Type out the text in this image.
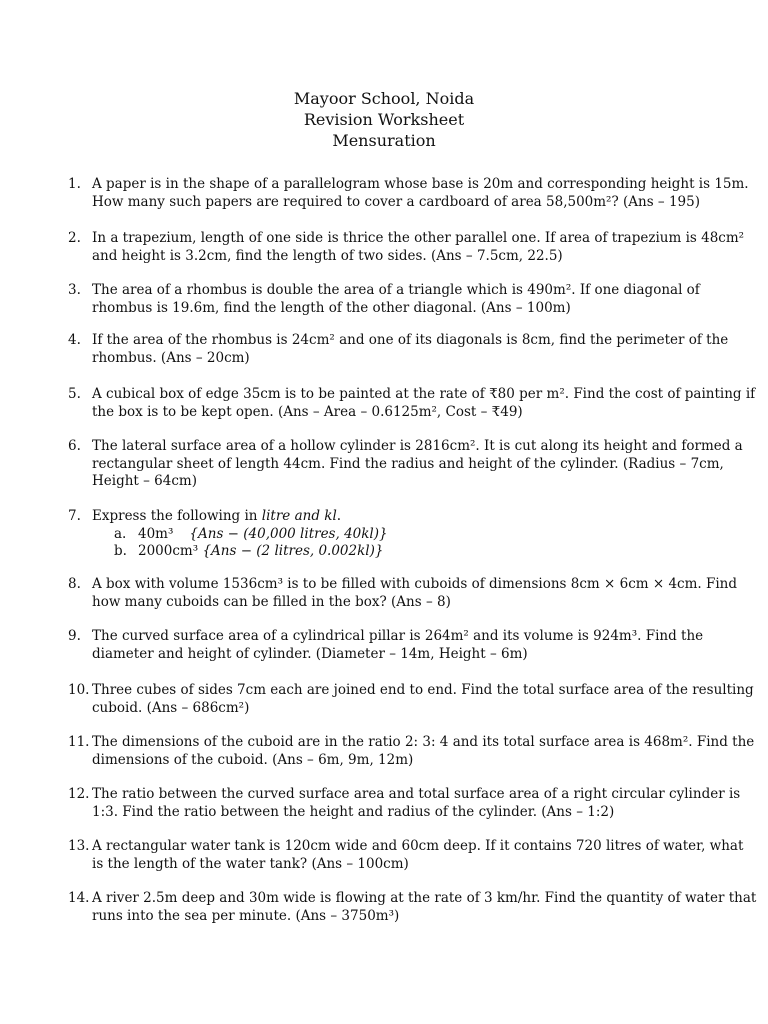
Mayoor School, Noida
Revision Worksheet
Mensuration
1. A paper is in the shape of a parallelogram whose base is 20m and corresponding height is 15m. How many such papers are required to cover a cardboard of area 58,500m²? (Ans – 195)
2. In a trapezium, length of one side is thrice the other parallel one. If area of trapezium is 48cm² and height is 3.2cm, find the length of two sides. (Ans – 7.5cm, 22.5)
3. The area of a rhombus is double the area of a triangle which is 490m². If one diagonal of rhombus is 19.6m, find the length of the other diagonal. (Ans – 100m)
4. If the area of the rhombus is 24cm² and one of its diagonals is 8cm, find the perimeter of the rhombus. (Ans – 20cm)
5. A cubical box of edge 35cm is to be painted at the rate of ₹80 per m². Find the cost of painting if the box is to be kept open. (Ans – Area – 0.6125m², Cost – ₹49)
6. The lateral surface area of a hollow cylinder is 2816cm². It is cut along its height and formed a rectangular sheet of length 44cm. Find the radius and height of the cylinder. (Radius – 7cm, Height – 64cm)
7. Express the following in litre and kl.
a. 40m³ {Ans − (40,000 litres, 40kl)}
b. 2000cm³ {Ans − (2 litres, 0.002kl)}
8. A box with volume 1536cm³ is to be filled with cuboids of dimensions 8cm × 6cm × 4cm. Find how many cuboids can be filled in the box? (Ans – 8)
9. The curved surface area of a cylindrical pillar is 264m² and its volume is 924m³. Find the diameter and height of cylinder. (Diameter – 14m, Height – 6m)
10. Three cubes of sides 7cm each are joined end to end. Find the total surface area of the resulting cuboid. (Ans – 686cm²)
11. The dimensions of the cuboid are in the ratio 2: 3: 4 and its total surface area is 468m². Find the dimensions of the cuboid. (Ans – 6m, 9m, 12m)
12. The ratio between the curved surface area and total surface area of a right circular cylinder is 1:3. Find the ratio between the height and radius of the cylinder. (Ans – 1:2)
13. A rectangular water tank is 120cm wide and 60cm deep. If it contains 720 litres of water, what is the length of the water tank? (Ans – 100cm)
14. A river 2.5m deep and 30m wide is flowing at the rate of 3 km/hr. Find the quantity of water that runs into the sea per minute. (Ans – 3750m³)
